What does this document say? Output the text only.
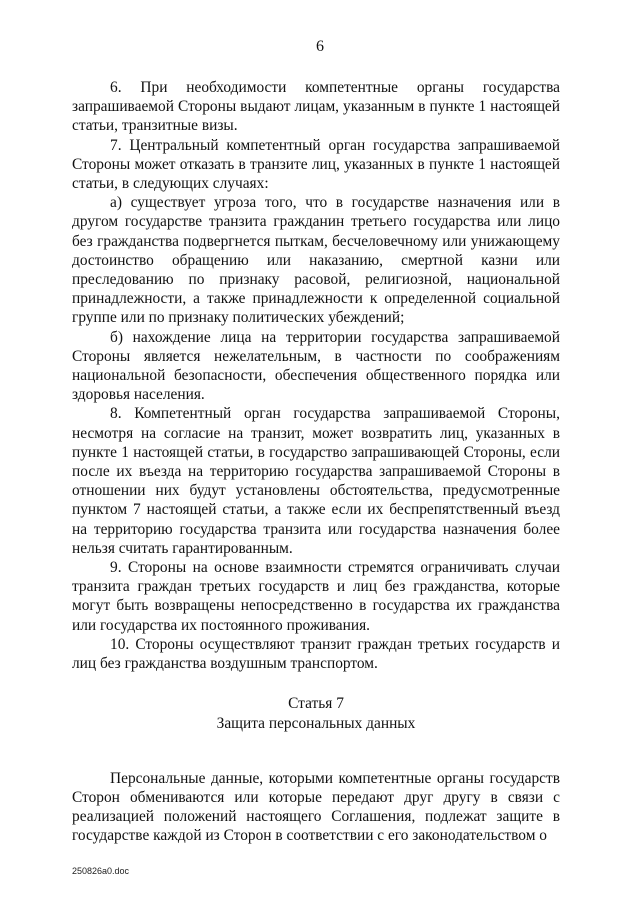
6

6. При необходимости компетентные органы государства запрашиваемой Стороны выдают лицам, указанным в пункте 1 настоящей статьи, транзитные визы.

7. Центральный компетентный орган государства запрашиваемой Стороны может отказать в транзите лиц, указанных в пункте 1 настоящей статьи, в следующих случаях:

а) существует угроза того, что в государстве назначения или в другом государстве транзита гражданин третьего государства или лицо без гражданства подвергнется пыткам, бесчеловечному или унижающему достоинство обращению или наказанию, смертной казни или преследованию по признаку расовой, религиозной, национальной принадлежности, а также принадлежности к определенной социальной группе или по признаку политических убеждений;

б) нахождение лица на территории государства запрашиваемой Стороны является нежелательным, в частности по соображениям национальной безопасности, обеспечения общественного порядка или здоровья населения.

8. Компетентный орган государства запрашиваемой Стороны, несмотря на согласие на транзит, может возвратить лиц, указанных в пункте 1 настоящей статьи, в государство запрашивающей Стороны, если после их въезда на территорию государства запрашиваемой Стороны в отношении них будут установлены обстоятельства, предусмотренные пунктом 7 настоящей статьи, а также если их беспрепятственный въезд на территорию государства транзита или государства назначения более нельзя считать гарантированным.

9. Стороны на основе взаимности стремятся ограничивать случаи транзита граждан третьих государств и лиц без гражданства, которые могут быть возвращены непосредственно в государства их гражданства или государства их постоянного проживания.

10. Стороны осуществляют транзит граждан третьих государств и лиц без гражданства воздушным транспортом.

Статья 7
Защита персональных данных

Персональные данные, которыми компетентные органы государств Сторон обмениваются или которые передают друг другу в связи с реализацией положений настоящего Соглашения, подлежат защите в государстве каждой из Сторон в соответствии с его законодательством о

250826a0.doc
